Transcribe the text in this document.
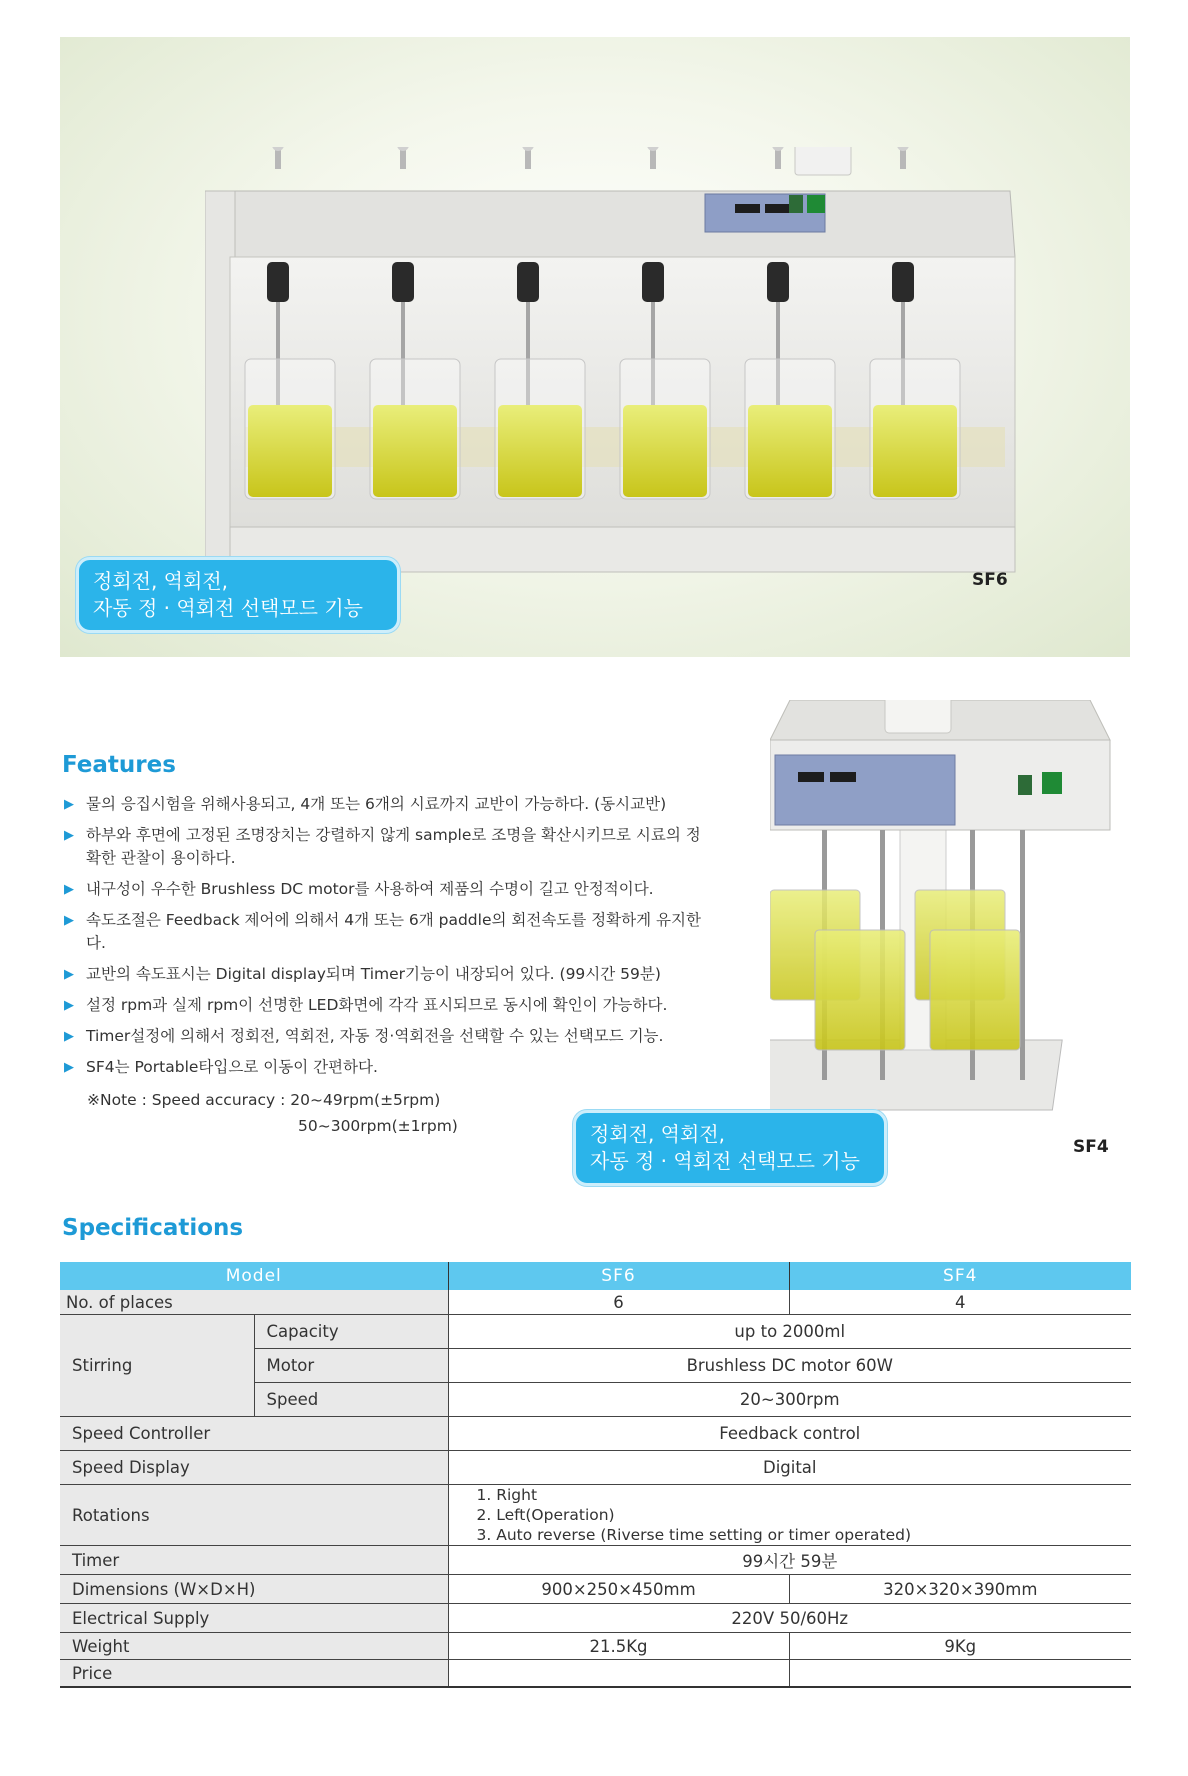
SF6
정회전, 역회전,
자동 정 · 역회전 선택모드 기능
Features
▶ 물의 응집시험을 위해사용되고, 4개 또는 6개의 시료까지 교반이 가능하다. (동시교반)
▶ 하부와 후면에 고정된 조명장치는 강렬하지 않게 sample로 조명을 확산시키므로 시료의 정확한 관찰이 용이하다.
▶ 내구성이 우수한 Brushless DC motor를 사용하여 제품의 수명이 길고 안정적이다.
▶ 속도조절은 Feedback 제어에 의해서 4개 또는 6개 paddle의 회전속도를 정확하게 유지한다.
▶ 교반의 속도표시는 Digital display되며 Timer기능이 내장되어 있다. (99시간 59분)
▶ 설정 rpm과 실제 rpm이 선명한 LED화면에 각각 표시되므로 동시에 확인이 가능하다.
▶ Timer설정에 의해서 정회전, 역회전, 자동 정·역회전을 선택할 수 있는 선택모드 기능.
▶ SF4는 Portable타입으로 이동이 간편하다.
※Note : Speed accuracy : 20~49rpm(±5rpm)
50~300rpm(±1rpm)
SF4
정회전, 역회전,
자동 정 · 역회전 선택모드 기능
Specifications
Model		SF6	SF4
No. of places		6	4
Stirring	Capacity	up to 2000ml	
	Motor	Brushless DC motor 60W	
	Speed	20~300rpm	
Speed Controller		Feedback control	
Speed Display		Digital	
Rotations		1. Right
2. Left(Operation)
3. Auto reverse (Riverse time setting or timer operated)	

Timer		99시간 59분	
Dimensions (W×D×H)		900×250×450mm	320×320×390mm
Electrical Supply		220V 50/60Hz	
Weight		21.5Kg	9Kg
Price			
